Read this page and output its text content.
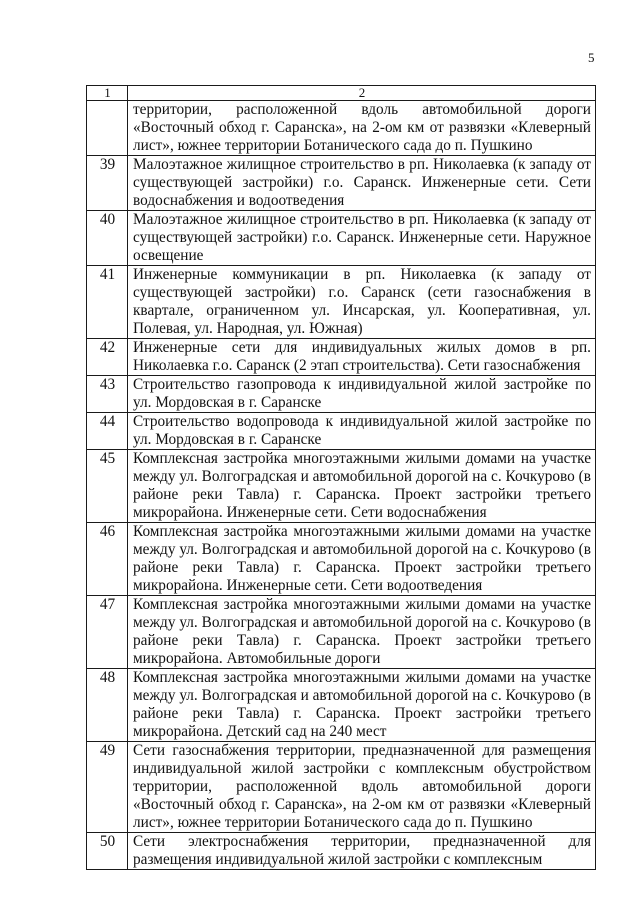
5
1	2
	территории, расположенной вдоль автомобильной дороги «Восточный обход г. Саранска», на 2-ом км от развязки «Клеверный лист», южнее территории Ботанического сада до п. Пушкино
39	Малоэтажное жилищное строительство в рп. Николаевка (к западу от существующей застройки) г.о. Саранск. Инженерные сети. Сети водоснабжения и водоотведения
40	Малоэтажное жилищное строительство в рп. Николаевка (к западу от существующей застройки) г.о. Саранск. Инженерные сети. Наружное освещение
41	Инженерные коммуникации в рп. Николаевка (к западу от существующей застройки) г.о. Саранск (сети газоснабжения в квартале, ограниченном ул. Инсарская, ул. Кооперативная, ул. Полевая, ул. Народная, ул. Южная)
42	Инженерные сети для индивидуальных жилых домов в рп. Николаевка г.о. Саранск (2 этап строительства). Сети газоснабжения
43	Строительство газопровода к индивидуальной жилой застройке по ул. Мордовская в г. Саранске
44	Строительство водопровода к индивидуальной жилой застройке по ул. Мордовская в г. Саранске
45	Комплексная застройка многоэтажными жилыми домами на участке между ул. Волгоградская и автомобильной дорогой на с. Кочкурово (в районе реки Тавла) г. Саранска. Проект застройки третьего микрорайона. Инженерные сети. Сети водоснабжения
46	Комплексная застройка многоэтажными жилыми домами на участке между ул. Волгоградская и автомобильной дорогой на с. Кочкурово (в районе реки Тавла) г. Саранска. Проект застройки третьего микрорайона. Инженерные сети. Сети водоотведения
47	Комплексная застройка многоэтажными жилыми домами на участке между ул. Волгоградская и автомобильной дорогой на с. Кочкурово (в районе реки Тавла) г. Саранска. Проект застройки третьего микрорайона. Автомобильные дороги
48	Комплексная застройка многоэтажными жилыми домами на участке между ул. Волгоградская и автомобильной дорогой на с. Кочкурово (в районе реки Тавла) г. Саранска. Проект застройки третьего микрорайона. Детский сад на 240 мест
49	Сети газоснабжения территории, предназначенной для размещения индивидуальной жилой застройки с комплексным обустройством территории, расположенной вдоль автомобильной дороги «Восточный обход г. Саранска», на 2-ом км от развязки «Клеверный лист», южнее территории Ботанического сада до п. Пушкино
50	Сети электроснабжения территории, предназначенной для размещения индивидуальной жилой застройки с комплексным
